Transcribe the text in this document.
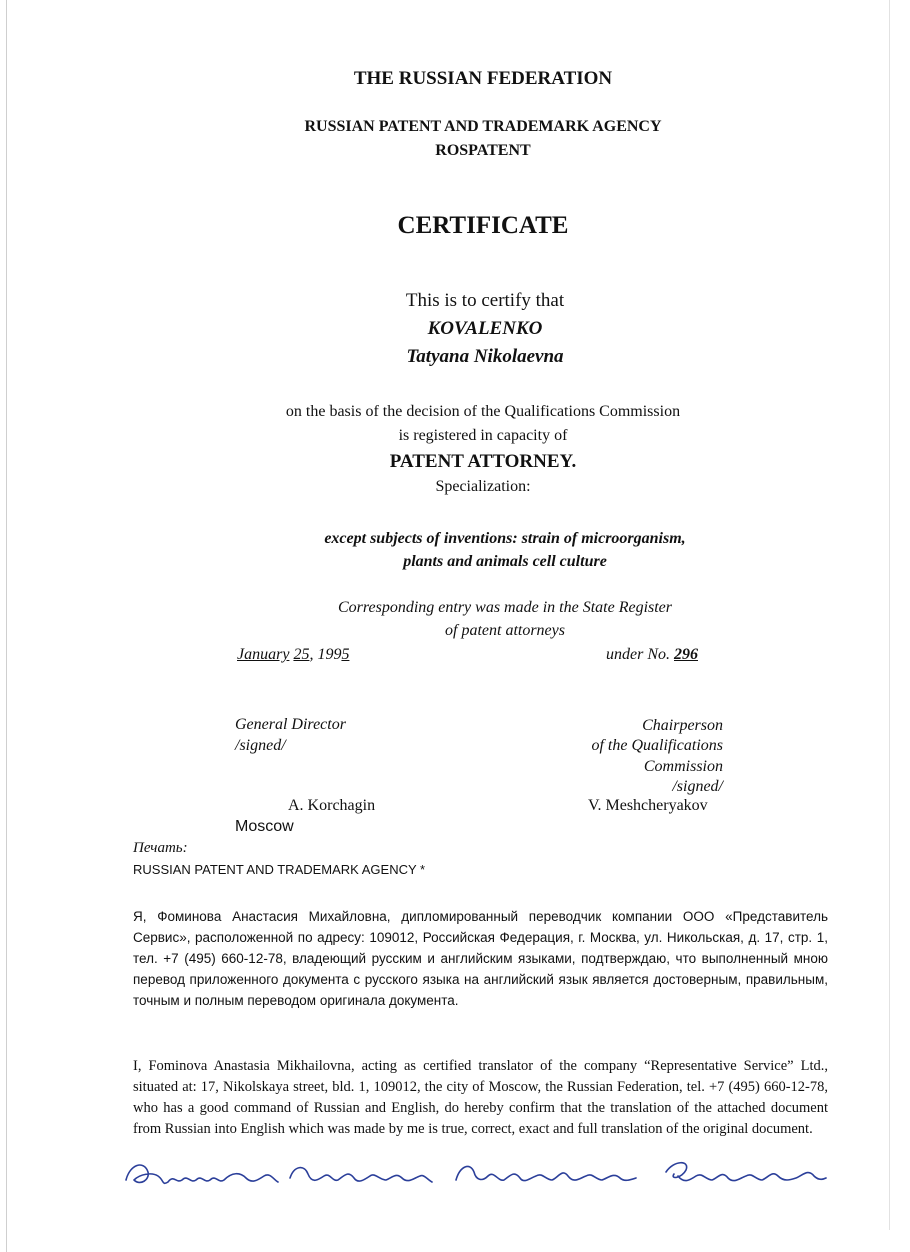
THE RUSSIAN FEDERATION
RUSSIAN PATENT AND TRADEMARK AGENCY
ROSPATENT
CERTIFICATE
This is to certify that
KOVALENKO
Tatyana Nikolaevna
on the basis of the decision of the Qualifications Commission
is registered in capacity of
PATENT ATTORNEY.
Specialization:
except subjects of inventions: strain of microorganism,
plants and animals cell culture
Corresponding entry was made in the State Register
of patent attorneys
January 25, 1995	under No. 296
General Director
/signed/
Chairperson
of the Qualifications
Commission
/signed/
A. Korchagin	V. Meshcheryakov
Moscow
Печать:
RUSSIAN PATENT AND TRADEMARK AGENCY *
Я, Фоминова Анастасия Михайловна, дипломированный переводчик компании ООО «Представитель Сервис», расположенной по адресу: 109012, Российская Федерация, г. Москва, ул. Никольская, д. 17, стр. 1, тел. +7 (495) 660-12-78, владеющий русским и английским языками, подтверждаю, что выполненный мною перевод приложенного документа с русского языка на английский язык является достоверным, правильным, точным и полным переводом оригинала документа.
I, Fominova Anastasia Mikhailovna, acting as certified translator of the company “Representative Service” Ltd., situated at: 17, Nikolskaya street, bld. 1, 109012, the city of Moscow, the Russian Federation, tel. +7 (495) 660-12-78, who has a good command of Russian and English, do hereby confirm that the translation of the attached document from Russian into English which was made by me is true, correct, exact and full translation of the original document.
